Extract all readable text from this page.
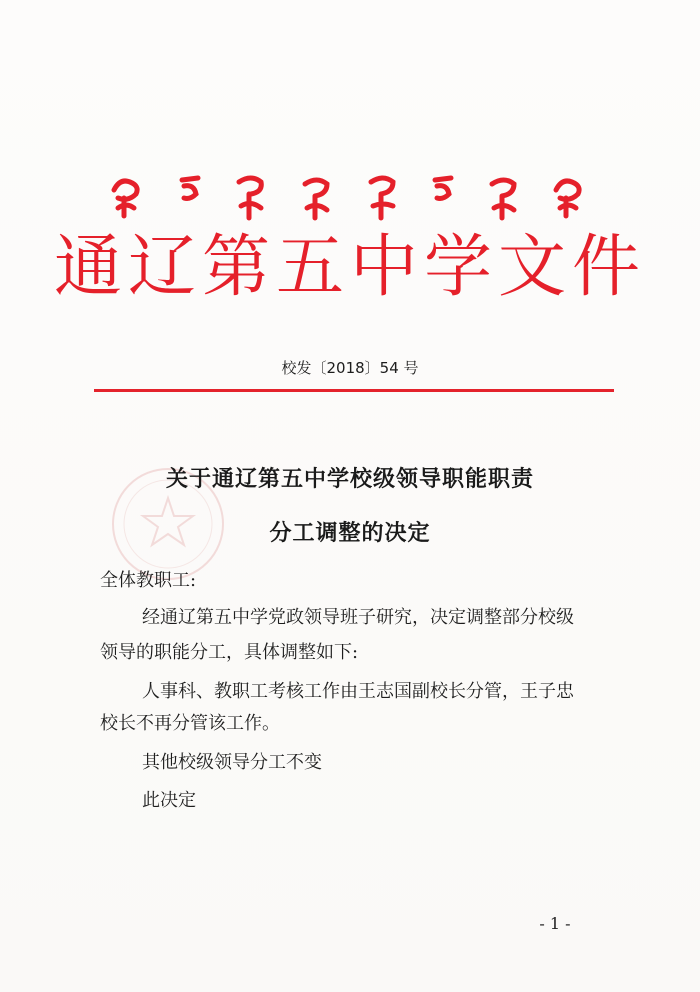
通辽第五中学文件
校发〔2018〕54 号
关于通辽第五中学校级领导职能职责
分工调整的决定
全体教职工:
经通辽第五中学党政领导班子研究，决定调整部分校级
领导的职能分工，具体调整如下:
人事科、教职工考核工作由王志国副校长分管，王子忠
校长不再分管该工作。
其他校级领导分工不变
此决定
- 1 -
